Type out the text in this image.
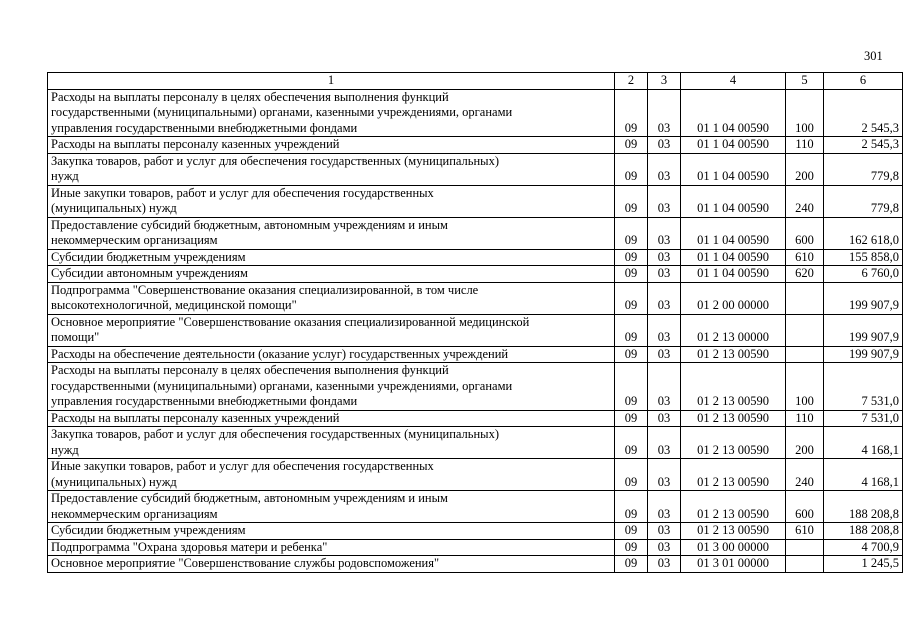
301
1	2	3	4	5	6

Расходы на выплаты персоналу в целях обеспечения выполнения функций
государственными (муниципальными) органами, казенными учреждениями, органами
управления государственными внебюджетными фондами	09	03	01 1 04 00590	100	2 545,3

Расходы на выплаты персоналу казенных учреждений	09	03	01 1 04 00590	110	2 545,3

Закупка товаров, работ и услуг для обеспечения государственных (муниципальных)
нужд	09	03	01 1 04 00590	200	779,8

Иные закупки товаров, работ и услуг для обеспечения государственных
(муниципальных) нужд	09	03	01 1 04 00590	240	779,8

Предоставление субсидий бюджетным, автономным учреждениям и иным
некоммерческим организациям	09	03	01 1 04 00590	600	162 618,0

Субсидии бюджетным учреждениям	09	03	01 1 04 00590	610	155 858,0

Субсидии автономным учреждениям	09	03	01 1 04 00590	620	6 760,0

Подпрограмма "Совершенствование оказания специализированной, в том числе
высокотехнологичной, медицинской помощи"	09	03	01 2 00 00000		199 907,9

Основное мероприятие "Совершенствование оказания специализированной медицинской
помощи"	09	03	01 2 13 00000		199 907,9

Расходы на обеспечение деятельности (оказание услуг) государственных учреждений	09	03	01 2 13 00590		199 907,9

Расходы на выплаты персоналу в целях обеспечения выполнения функций
государственными (муниципальными) органами, казенными учреждениями, органами
управления государственными внебюджетными фондами	09	03	01 2 13 00590	100	7 531,0

Расходы на выплаты персоналу казенных учреждений	09	03	01 2 13 00590	110	7 531,0

Закупка товаров, работ и услуг для обеспечения государственных (муниципальных)
нужд	09	03	01 2 13 00590	200	4 168,1

Иные закупки товаров, работ и услуг для обеспечения государственных
(муниципальных) нужд	09	03	01 2 13 00590	240	4 168,1

Предоставление субсидий бюджетным, автономным учреждениям и иным
некоммерческим организациям	09	03	01 2 13 00590	600	188 208,8

Субсидии бюджетным учреждениям	09	03	01 2 13 00590	610	188 208,8

Подпрограмма "Охрана здоровья матери и ребенка"	09	03	01 3 00 00000		4 700,9

Основное мероприятие "Совершенствование службы родовспоможения"	09	03	01 3 01 00000		1 245,5
